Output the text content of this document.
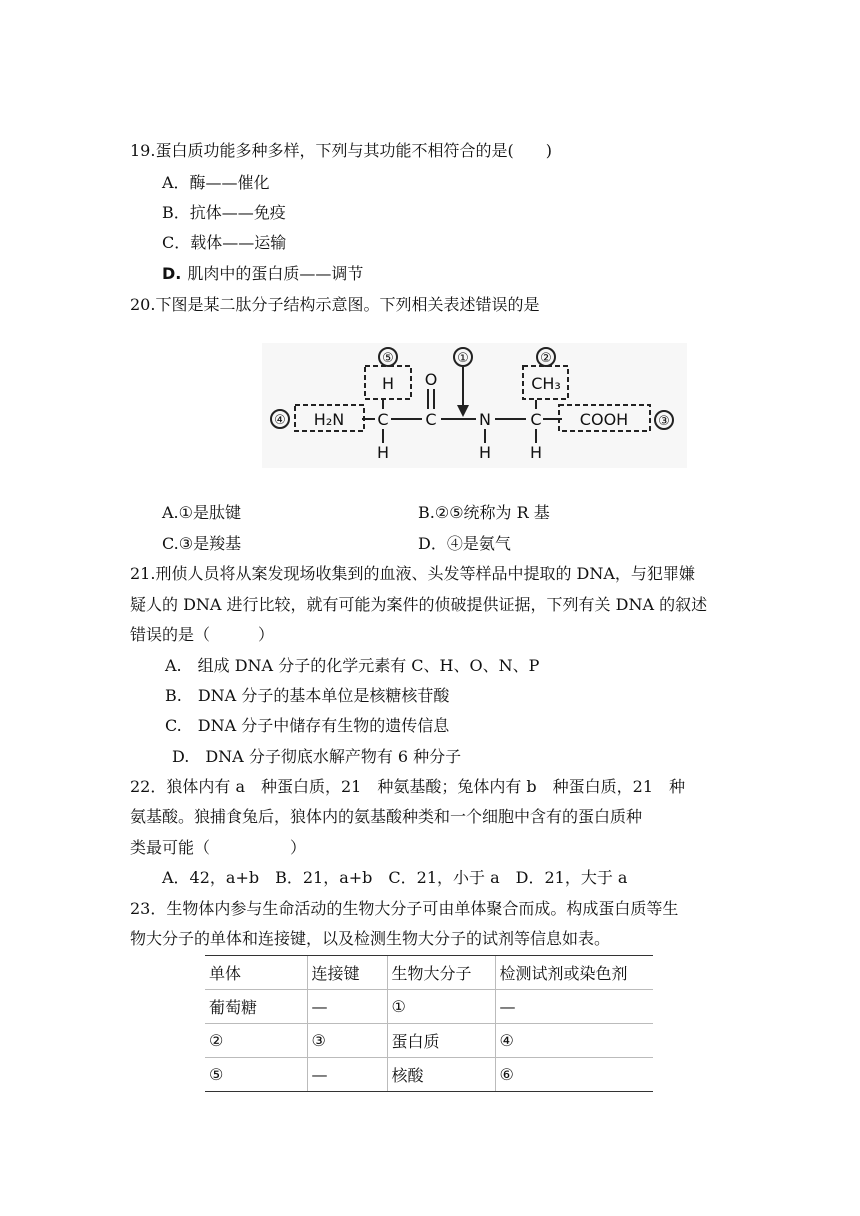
19.蛋白质功能多种多样，下列与其功能不相符合的是(　　)
A．酶——催化
B．抗体——免疫
C．载体——运输
D. 肌肉中的蛋白质——调节
20.下图是某二肽分子结构示意图。下列相关表述错误的是
④
⑤	①	②
③
H₂N
H
C
H
O
C	N
H
CH₃
C
H
COOH
A.①是肽键	B.②⑤统称为 R 基
C.③是羧基	D．④是氨气
21.刑侦人员将从案发现场收集到的血液、头发等样品中提取的 DNA，与犯罪嫌
疑人的 DNA 进行比较，就有可能为案件的侦破提供证据，下列有关 DNA 的叙述
错误的是（　　　）
A.　组成 DNA 分子的化学元素有 C、H、O、N、P
B.　DNA 分子的基本单位是核糖核苷酸
C.　DNA 分子中储存有生物的遗传信息
D.　DNA 分子彻底水解产物有 6 种分子
22．狼体内有 a　种蛋白质，21　种氨基酸；兔体内有 b　种蛋白质，21　种
氨基酸。狼捕食兔后，狼体内的氨基酸种类和一个细胞中含有的蛋白质种
类最可能（　　　　　）
A．42，a+b　B．21，a+b　C．21，小于 a　D．21，大于 a
23．生物体内参与生命活动的生物大分子可由单体聚合而成。构成蛋白质等生
物大分子的单体和连接键，以及检测生物大分子的试剂等信息如表。
单体	连接键	生物大分子	检测试剂或染色剂
葡萄糖	—	①	—
②	③	蛋白质	④
⑤	—	核酸	⑥
